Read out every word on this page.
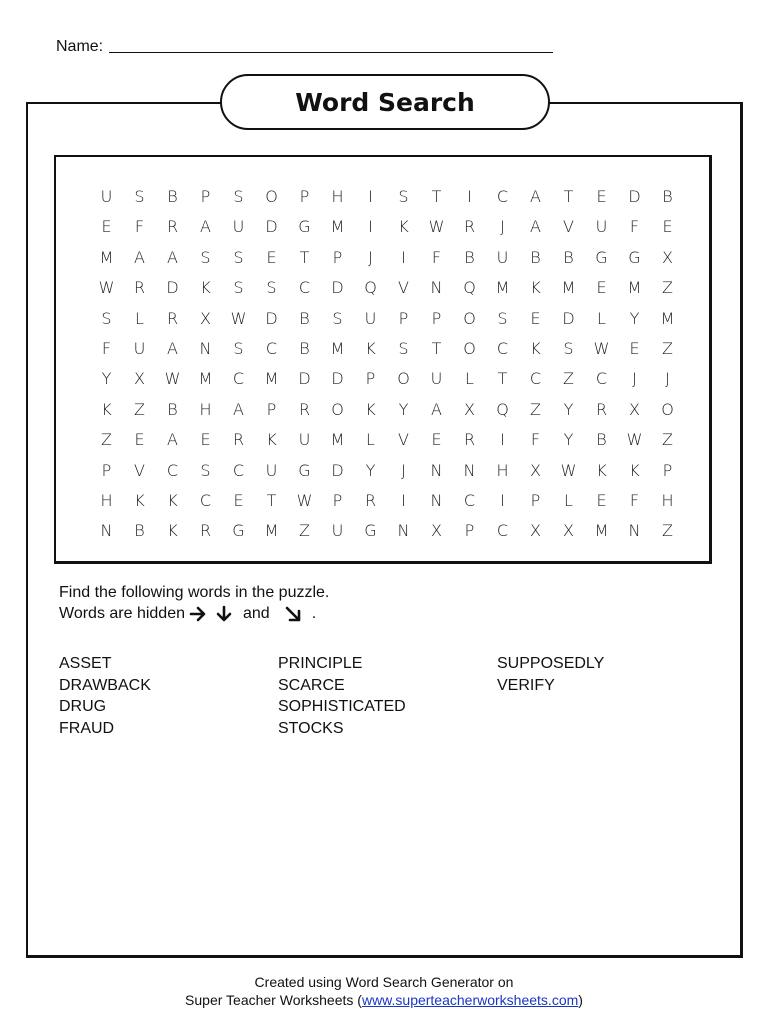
Name:
Word Search
U	S	B	P	S	O	P	H	I	S	T	I	C	A	T	E	D	B
E	F	R	A	U	D	G	M	I	K	W	R	J	A	V	U	F	E
M	A	A	S	S	E	T	P	J	I	F	B	U	B	B	G	G	X
W	R	D	K	S	S	C	D	Q	V	N	Q	M	K	M	E	M	Z
S	L	R	X	W	D	B	S	U	P	P	O	S	E	D	L	Y	M
F	U	A	N	S	C	B	M	K	S	T	O	C	K	S	W	E	Z
Y	X	W	M	C	M	D	D	P	O	U	L	T	C	Z	C	J	J
K	Z	B	H	A	P	R	O	K	Y	A	X	Q	Z	Y	R	X	O
Z	E	A	E	R	K	U	M	L	V	E	R	I	F	Y	B	W	Z
P	V	C	S	C	U	G	D	Y	J	N	N	H	X	W	K	K	P
H	K	K	C	E	T	W	P	R	I	N	C	I	P	L	E	F	H
N	B	K	R	G	M	Z	U	G	N	X	P	C	X	X	M	N	Z
Find the following words in the puzzle.
Words are hidden	and	.
ASSET
DRAWBACK
DRUG
FRAUD
PRINCIPLE
SCARCE
SOPHISTICATED
STOCKS
SUPPOSEDLY
VERIFY
Created using Word Search Generator on
Super Teacher Worksheets (www.superteacherworksheets.com)
